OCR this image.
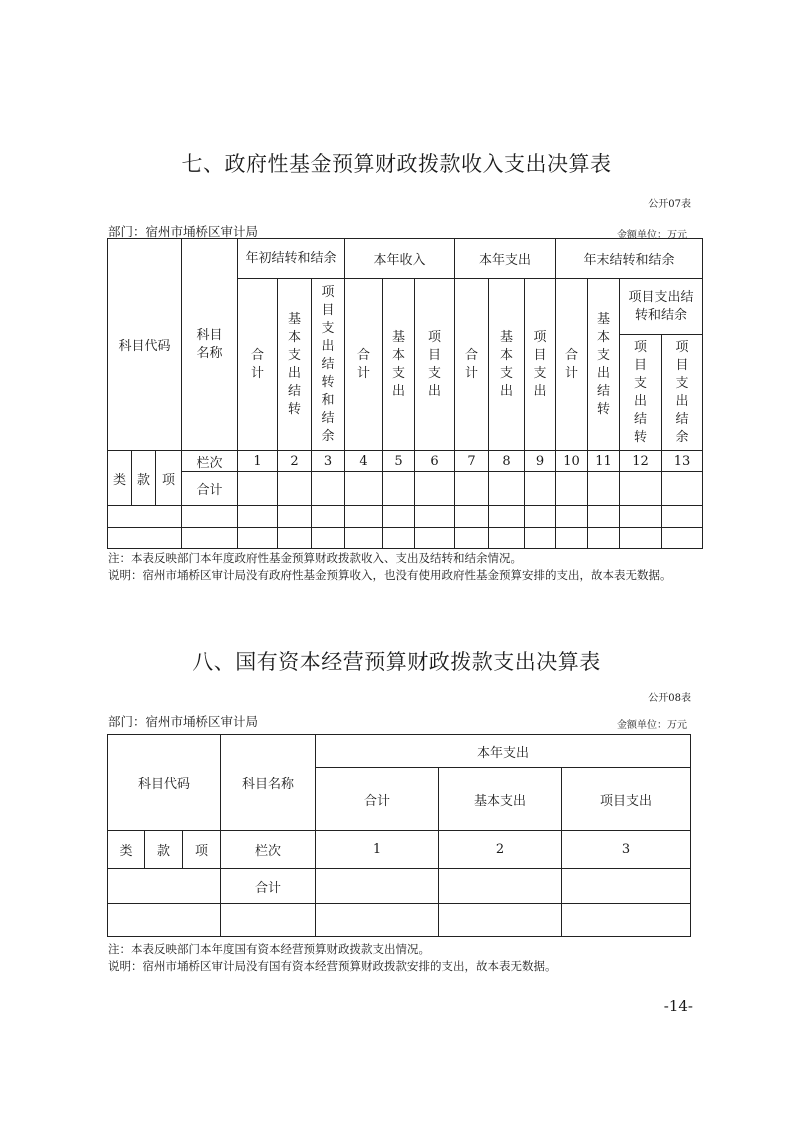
七、政府性基金预算财政拨款收入支出决算表
公开07表
部门：宿州市埇桥区审计局	金额单位：万元
科目代码			科目名称	年初结转和结余			本年收入			本年支出			年末结转和结余			

				合计	基本支出结转	项目支出结转和结余	合计	基本支出	项目支出	合计	基本支出	项目支出	合计	基本支出结转	项目支出结转和结余	

															项目支出结转	项目支出结余

类	款	项	栏次	1	2	3	4	5	6	7	8	9	10	11	12	13
			合计													

注：本表反映部门本年度政府性基金预算财政拨款收入、支出及结转和结余情况。
说明：宿州市埇桥区审计局没有政府性基金预算收入，也没有使用政府性基金预算安排的支出，故本表无数据。
八、国有资本经营预算财政拨款支出决算表
公开08表
部门：宿州市埇桥区审计局	金额单位：万元
科目代码			科目名称	本年支出		
				合计	基本支出	项目支出
类	款	项	栏次	1	2	3
			合计			

注：本表反映部门本年度国有资本经营预算财政拨款支出情况。
说明：宿州市埇桥区审计局没有国有资本经营预算财政拨款安排的支出，故本表无数据。
-14-
